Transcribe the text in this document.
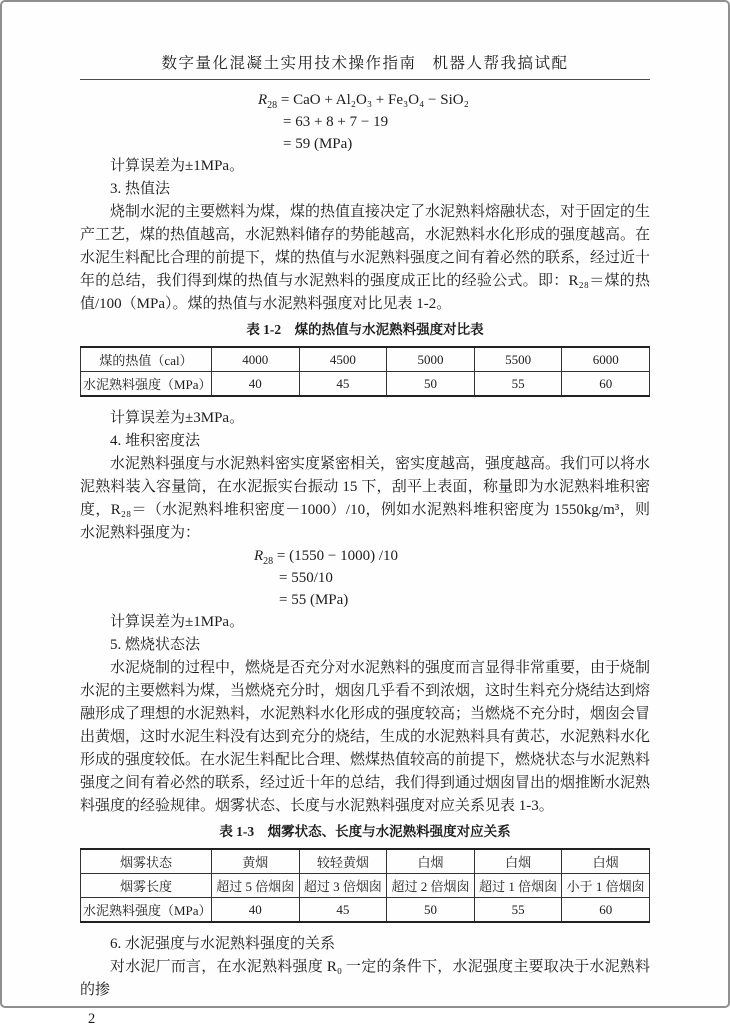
数字量化混凝土实用技术操作指南 机器人帮我搞试配
$R_{28}$ = CaO + Al₂O₃ + Fe₃O₄ − SiO₂
= 63 + 8 + 7 − 19
= 59 (MPa)

计算误差为±1MPa。

3. 热值法

烧制水泥的主要燃料为煤，煤的热值直接决定了水泥熟料熔融状态，对于固定的生产工艺，煤的热值越高，水泥熟料储存的势能越高，水泥熟料水化形成的强度越高。在水泥生料配比合理的前提下，煤的热值与水泥熟料强度之间有着必然的联系，经过近十年的总结，我们得到煤的热值与水泥熟料的强度成正比的经验公式。即：R₂₈＝煤的热值/100（MPa）。煤的热值与水泥熟料强度对比见表 1-2。

表 1-2　煤的热值与水泥熟料强度对比表

煤的热值（cal）	4000	4500	5000	5500	6000
水泥熟料强度（MPa）	40	45	50	55	60

计算误差为±3MPa。

4. 堆积密度法

水泥熟料强度与水泥熟料密实度紧密相关，密实度越高，强度越高。我们可以将水泥熟料装入容量筒，在水泥振实台振动 15 下，刮平上表面，称量即为水泥熟料堆积密度，R₂₈＝（水泥熟料堆积密度－1000）/10，例如水泥熟料堆积密度为 1550kg/m³，则水泥熟料强度为：

$R_{28} = (1550 - 1000)$ /10
= 550/10
= 55 (MPa)

计算误差为±1MPa。

5. 燃烧状态法

水泥烧制的过程中，燃烧是否充分对水泥熟料的强度而言显得非常重要，由于烧制水泥的主要燃料为煤，当燃烧充分时，烟囱几乎看不到浓烟，这时生料充分烧结达到熔融形成了理想的水泥熟料，水泥熟料水化形成的强度较高；当燃烧不充分时，烟囱会冒出黄烟，这时水泥生料没有达到充分的烧结，生成的水泥熟料具有黄芯，水泥熟料水化形成的强度较低。在水泥生料配比合理、燃煤热值较高的前提下，燃烧状态与水泥熟料强度之间有着必然的联系，经过近十年的总结，我们得到通过烟囱冒出的烟推断水泥熟料强度的经验规律。烟雾状态、长度与水泥熟料强度对应关系见表 1-3。

表 1-3　烟雾状态、长度与水泥熟料强度对应关系

烟雾状态	黄烟	较轻黄烟	白烟	白烟	白烟
烟雾长度	超过 5 倍烟囱	超过 3 倍烟囱	超过 2 倍烟囱	超过 1 倍烟囱	小于 1 倍烟囱
水泥熟料强度（MPa）	40	45	50	55	60

6. 水泥强度与水泥熟料强度的关系

对水泥厂而言，在水泥熟料强度 R₀ 一定的条件下，水泥强度主要取决于水泥熟料的掺

2
